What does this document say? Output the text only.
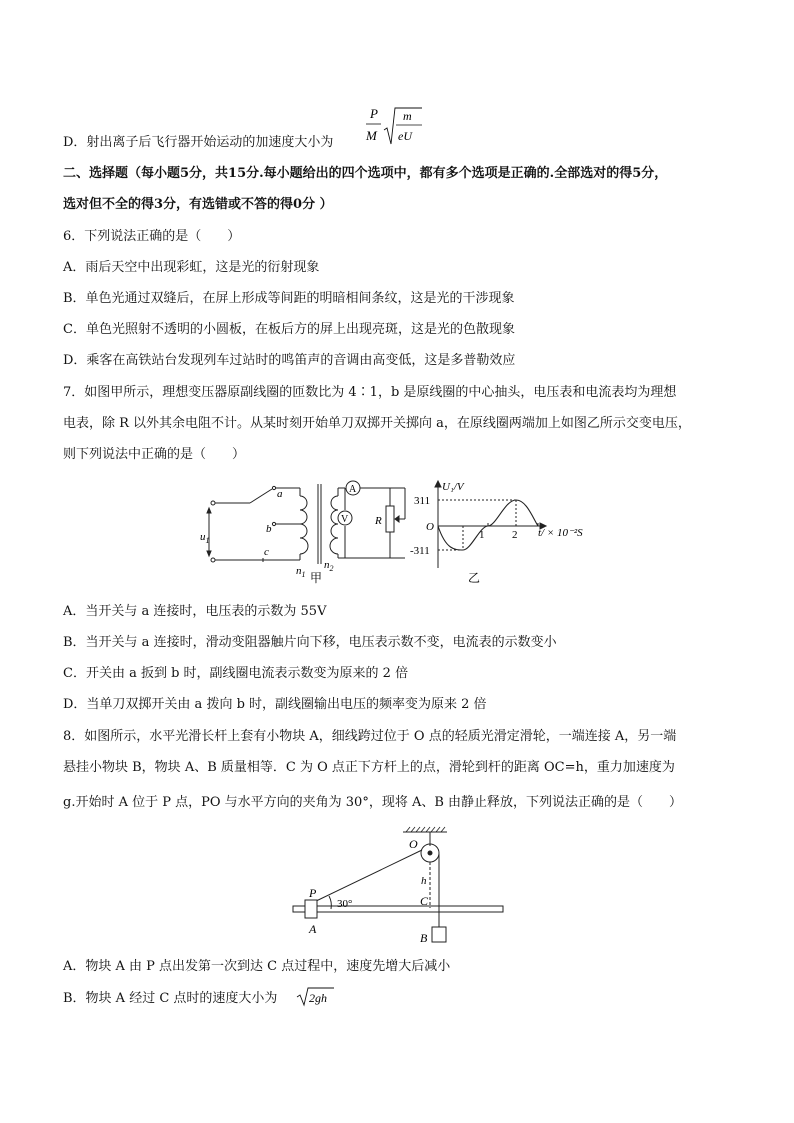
D．射出离子后飞行器开始运动的加速度大小为
P
M
m
eU
二、选择题（每小题5分，共15分.每小题给出的四个选项中，都有多个选项是正确的.全部选对的得5分，
选对但不全的得3分，有选错或不答的得0分 ）
6．下列说法正确的是（　　）
A．雨后天空中出现彩虹，这是光的衍射现象
B．单色光通过双缝后，在屏上形成等间距的明暗相间条纹，这是光的干涉现象
C．单色光照射不透明的小圆板，在板后方的屏上出现亮斑，这是光的色散现象
D．乘客在高铁站台发现列车过站时的鸣笛声的音调由高变低，这是多普勒效应
7．如图甲所示，理想变压器原副线圈的匝数比为 4∶1，b 是原线圈的中心抽头，电压表和电流表均为理想
电表，除 R 以外其余电阻不计。从某时刻开始单刀双掷开关掷向 a，在原线圈两端加上如图乙所示交变电压，
则下列说法中正确的是（　　）
a
b
c
$u_1$
A
V R
$n_1$
$n_2$
甲
U₁/V
311
O
-311
1	2 t/ × 10⁻²S
乙
A．当开关与 a 连接时，电压表的示数为 55V
B．当开关与 a 连接时，滑动变阻器触片向下移，电压表示数不变，电流表的示数变小
C．开关由 a 扳到 b 时，副线圈电流表示数变为原来的 2 倍
D．当单刀双掷开关由 a 拨向 b 时，副线圈输出电压的频率变为原来 2 倍
8．如图所示，水平光滑长杆上套有小物块 A，细线跨过位于 O 点的轻质光滑定滑轮，一端连接 A，另一端
悬挂小物块 B，物块 A、B 质量相等．C 为 O 点正下方杆上的点，滑轮到杆的距离 OC=h，重力加速度为
g.开始时 A 位于 P 点，PO 与水平方向的夹角为 30°，现将 A、B 由静止释放，下列说法正确的是（　　）
O
P
30°
h
C
A
B
A．物块 A 由 P 点出发第一次到达 C 点过程中，速度先增大后减小
B．物块 A 经过 C 点时的速度大小为	2gh
